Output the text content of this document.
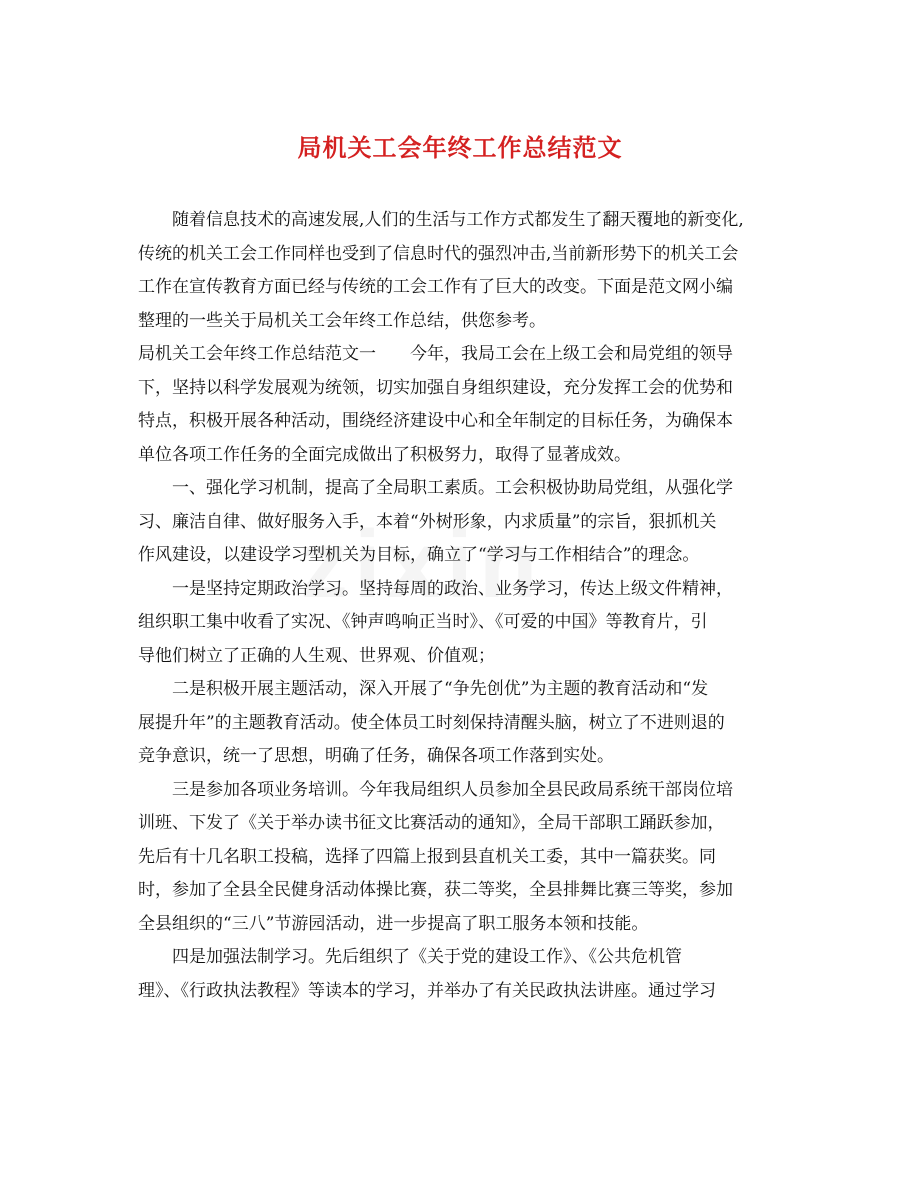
局机关工会年终工作总结范文
　　随着信息技术的高速发展,人们的生活与工作方式都发生了翻天覆地的新变化,
传统的机关工会工作同样也受到了信息时代的强烈冲击,当前新形势下的机关工会
工作在宣传教育方面已经与传统的工会工作有了巨大的改变。下面是范文网小编
整理的一些关于局机关工会年终工作总结，供您参考。
局机关工会年终工作总结范文一　　今年，我局工会在上级工会和局党组的领导
下，坚持以科学发展观为统领，切实加强自身组织建设，充分发挥工会的优势和
特点，积极开展各种活动，围绕经济建设中心和全年制定的目标任务，为确保本
单位各项工作任务的全面完成做出了积极努力，取得了显著成效。
　　一、强化学习机制，提高了全局职工素质。工会积极协助局党组，从强化学
习、廉洁自律、做好服务入手，本着“外树形象，内求质量”的宗旨，狠抓机关
作风建设，以建设学习型机关为目标，确立了“学习与工作相结合”的理念。
　　一是坚持定期政治学习。坚持每周的政治、业务学习，传达上级文件精神，
组织职工集中收看了实况、《钟声鸣响正当时》、《可爱的中国》等教育片，引
导他们树立了正确的人生观、世界观、价值观；
　　二是积极开展主题活动，深入开展了“争先创优”为主题的教育活动和“发
展提升年”的主题教育活动。使全体员工时刻保持清醒头脑，树立了不进则退的
竞争意识，统一了思想，明确了任务，确保各项工作落到实处。
　　三是参加各项业务培训。今年我局组织人员参加全县民政局系统干部岗位培
训班、下发了《关于举办读书征文比赛活动的通知》，全局干部职工踊跃参加，
先后有十几名职工投稿，选择了四篇上报到县直机关工委，其中一篇获奖。同
时，参加了全县全民健身活动体操比赛，获二等奖，全县排舞比赛三等奖，参加
全县组织的“三八”节游园活动，进一步提高了职工服务本领和技能。
　　四是加强法制学习。先后组织了《关于党的建设工作》、《公共危机管
理》、《行政执法教程》等读本的学习，并举办了有关民政执法讲座。通过学习
